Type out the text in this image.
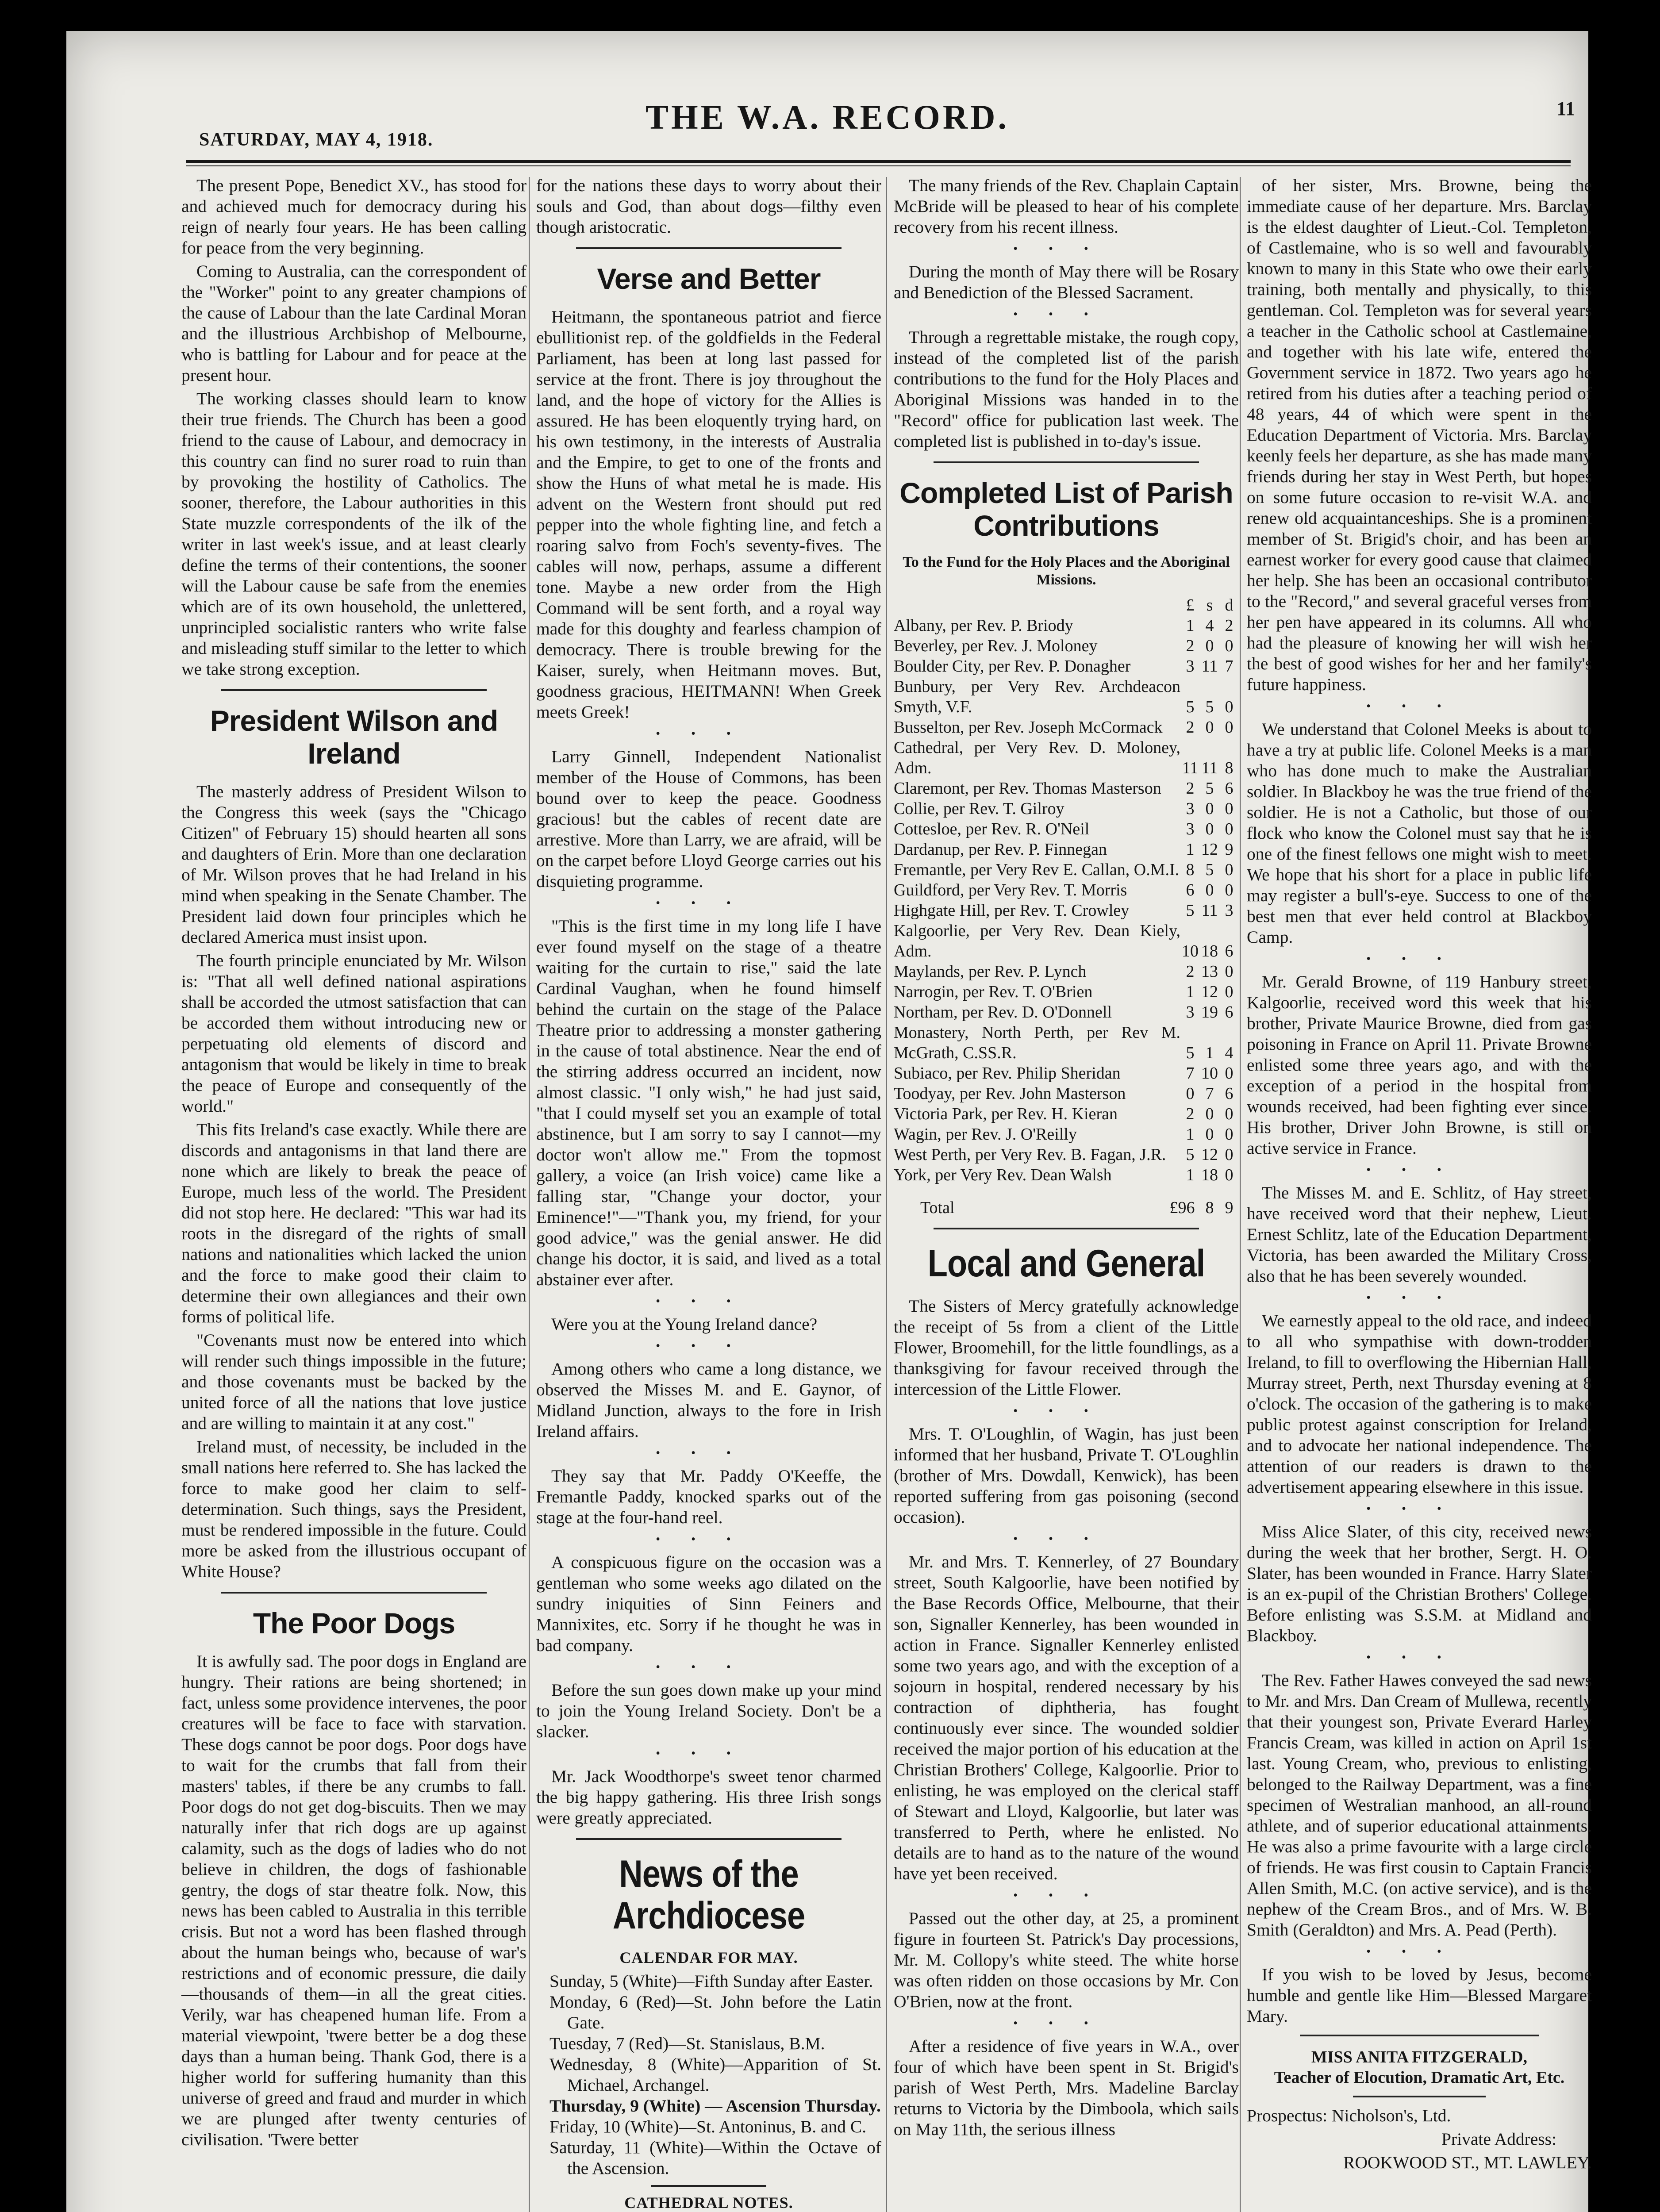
THE W.A. RECORD.
SATURDAY, MAY 4, 1918.
11

The present Pope, Benedict XV., has stood for and achieved much for democracy during his reign of nearly four years. He has been calling for peace from the very beginning.

Coming to Australia, can the correspondent of the "Worker" point to any greater champions of the cause of Labour than the late Cardinal Moran and the illustrious Archbishop of Melbourne, who is battling for Labour and for peace at the present hour.

The working classes should learn to know their true friends. The Church has been a good friend to the cause of Labour, and democracy in this country can find no surer road to ruin than by provoking the hostility of Catholics. The sooner, therefore, the Labour authorities in this State muzzle correspondents of the ilk of the writer in last week's issue, and at least clearly define the terms of their contentions, the sooner will the Labour cause be safe from the enemies which are of its own household, the unlettered, unprincipled socialistic ranters who write false and misleading stuff similar to the letter to which we take strong exception.

President Wilson and Ireland

The masterly address of President Wilson to the Congress this week (says the "Chicago Citizen" of February 15) should hearten all sons and daughters of Erin. More than one declaration of Mr. Wilson proves that he had Ireland in his mind when speaking in the Senate Chamber. The President laid down four principles which he declared America must insist upon.

The fourth principle enunciated by Mr. Wilson is: "That all well defined national aspirations shall be accorded the utmost satisfaction that can be accorded them without introducing new or perpetuating old elements of discord and antagonism that would be likely in time to break the peace of Europe and consequently of the world."

This fits Ireland's case exactly. While there are discords and antagonisms in that land there are none which are likely to break the peace of Europe, much less of the world. The President did not stop here. He declared: "This war had its roots in the disregard of the rights of small nations and nationalities which lacked the union and the force to make good their claim to determine their own allegiances and their own forms of political life.

"Covenants must now be entered into which will render such things impossible in the future; and those covenants must be backed by the united force of all the nations that love justice and are willing to maintain it at any cost."

Ireland must, of necessity, be included in the small nations here referred to. She has lacked the force to make good her claim to self-determination. Such things, says the President, must be rendered impossible in the future. Could more be asked from the illustrious occupant of White House?

The Poor Dogs

It is awfully sad. The poor dogs in England are hungry. Their rations are being shortened; in fact, unless some providence intervenes, the poor creatures will be face to face with starvation. These dogs cannot be poor dogs. Poor dogs have to wait for the crumbs that fall from their masters' tables, if there be any crumbs to fall. Poor dogs do not get dog-biscuits. Then we may naturally infer that rich dogs are up against calamity, such as the dogs of ladies who do not believe in children, the dogs of fashionable gentry, the dogs of star theatre folk. Now, this news has been cabled to Australia in this terrible crisis. But not a word has been flashed through about the human beings who, because of war's restrictions and of economic pressure, die daily—thousands of them—in all the great cities. Verily, war has cheapened human life. From a material viewpoint, 'twere better be a dog these days than a human being. Thank God, there is a higher world for suffering humanity than this universe of greed and fraud and murder in which we are plunged after twenty centuries of civilisation. 'Twere better

for the nations these days to worry about their souls and God, than about dogs—filthy even though aristocratic.

Verse and Better

Heitmann, the spontaneous patriot and fierce ebullitionist rep. of the goldfields in the Federal Parliament, has been at long last passed for service at the front. There is joy throughout the land, and the hope of victory for the Allies is assured. He has been eloquently trying hard, on his own testimony, in the interests of Australia and the Empire, to get to one of the fronts and show the Huns of what metal he is made. His advent on the Western front should put red pepper into the whole fighting line, and fetch a roaring salvo from Foch's seventy-fives. The cables will now, perhaps, assume a different tone. Maybe a new order from the High Command will be sent forth, and a royal way made for this doughty and fearless champion of democracy. There is trouble brewing for the Kaiser, surely, when Heitmann moves. But, goodness gracious, HEITMANN! When Greek meets Greek!

•••

Larry Ginnell, Independent Nationalist member of the House of Commons, has been bound over to keep the peace. Goodness gracious! but the cables of recent date are arrestive. More than Larry, we are afraid, will be on the carpet before Lloyd George carries out his disquieting programme.

•••

"This is the first time in my long life I have ever found myself on the stage of a theatre waiting for the curtain to rise," said the late Cardinal Vaughan, when he found himself behind the curtain on the stage of the Palace Theatre prior to addressing a monster gathering in the cause of total abstinence. Near the end of the stirring address occurred an incident, now almost classic. "I only wish," he had just said, "that I could myself set you an example of total abstinence, but I am sorry to say I cannot—my doctor won't allow me." From the topmost gallery, a voice (an Irish voice) came like a falling star, "Change your doctor, your Eminence!"—"Thank you, my friend, for your good advice," was the genial answer. He did change his doctor, it is said, and lived as a total abstainer ever after.

•••

Were you at the Young Ireland dance?

•••

Among others who came a long distance, we observed the Misses M. and E. Gaynor, of Midland Junction, always to the fore in Irish Ireland affairs.

•••

They say that Mr. Paddy O'Keeffe, the Fremantle Paddy, knocked sparks out of the stage at the four-hand reel.

•••

A conspicuous figure on the occasion was a gentleman who some weeks ago dilated on the sundry iniquities of Sinn Feiners and Mannixites, etc. Sorry if he thought he was in bad company.

•••

Before the sun goes down make up your mind to join the Young Ireland Society. Don't be a slacker.

•••

Mr. Jack Woodthorpe's sweet tenor charmed the big happy gathering. His three Irish songs were greatly appreciated.

News of the Archdiocese
CALENDAR FOR MAY.
Sunday, 5 (White)—Fifth Sunday after Easter.
Monday, 6 (Red)—St. John before the Latin Gate.
Tuesday, 7 (Red)—St. Stanislaus, B.M.
Wednesday, 8 (White)—Apparition of St. Michael, Archangel.
Thursday, 9 (White) — Ascension Thursday.
Friday, 10 (White)—St. Antoninus, B. and C.
Saturday, 11 (White)—Within the Octave of the Ascension.
CATHEDRAL NOTES.

The many friends of the Rev. Chaplain Captain McBride will be pleased to hear of his complete recovery from his recent illness.

•••

During the month of May there will be Rosary and Benediction of the Blessed Sacrament.

•••

Through a regrettable mistake, the rough copy, instead of the completed list of the parish contributions to the fund for the Holy Places and Aboriginal Missions was handed in to the "Record" office for publication last week. The completed list is published in to-day's issue.

Completed List of Parish Contributions
To the Fund for the Holy Places and the Aboriginal Missions.
	£	s	d
Albany, per Rev. P. Briody	1	4	2
Beverley, per Rev. J. Moloney	2	0	0
Boulder City, per Rev. P. Donagher	3	11	7
Bunbury, per Very Rev. Archdeacon Smyth, V.F.	5	5	0
Busselton, per Rev. Joseph McCormack	2	0	0
Cathedral, per Very Rev. D. Moloney, Adm.	11	11	8
Claremont, per Rev. Thomas Masterson	2	5	6
Collie, per Rev. T. Gilroy	3	0	0
Cottesloe, per Rev. R. O'Neil	3	0	0
Dardanup, per Rev. P. Finnegan	1	12	9
Fremantle, per Very Rev E. Callan, O.M.I.	8	5	0
Guildford, per Very Rev. T. Morris	6	0	0
Highgate Hill, per Rev. T. Crowley	5	11	3
Kalgoorlie, per Very Rev. Dean Kiely, Adm.	10	18	6
Maylands, per Rev. P. Lynch	2	13	0
Narrogin, per Rev. T. O'Brien	1	12	0
Northam, per Rev. D. O'Donnell	3	19	6
Monastery, North Perth, per Rev M. McGrath, C.SS.R.	5	1	4
Subiaco, per Rev. Philip Sheridan	7	10	0
Toodyay, per Rev. John Masterson	0	7	6
Victoria Park, per Rev. H. Kieran	2	0	0
Wagin, per Rev. J. O'Reilly	1	0	0
West Perth, per Very Rev. B. Fagan, J.R.	5	12	0
York, per Very Rev. Dean Walsh	1	18	0
Total	£96	8	9
Local and General

The Sisters of Mercy gratefully acknowledge the receipt of 5s from a client of the Little Flower, Broomehill, for the little foundlings, as a thanksgiving for favour received through the intercession of the Little Flower.

•••

Mrs. T. O'Loughlin, of Wagin, has just been informed that her husband, Private T. O'Loughlin (brother of Mrs. Dowdall, Kenwick), has been reported suffering from gas poisoning (second occasion).

•••

Mr. and Mrs. T. Kennerley, of 27 Boundary street, South Kalgoorlie, have been notified by the Base Records Office, Melbourne, that their son, Signaller Kennerley, has been wounded in action in France. Signaller Kennerley enlisted some two years ago, and with the exception of a sojourn in hospital, rendered necessary by his contraction of diphtheria, has fought continuously ever since. The wounded soldier received the major portion of his education at the Christian Brothers' College, Kalgoorlie. Prior to enlisting, he was employed on the clerical staff of Stewart and Lloyd, Kalgoorlie, but later was transferred to Perth, where he enlisted. No details are to hand as to the nature of the wound have yet been received.

•••

Passed out the other day, at 25, a prominent figure in fourteen St. Patrick's Day processions, Mr. M. Collopy's white steed. The white horse was often ridden on those occasions by Mr. Con O'Brien, now at the front.

•••

After a residence of five years in W.A., over four of which have been spent in St. Brigid's parish of West Perth, Mrs. Madeline Barclay returns to Victoria by the Dimboola, which sails on May 11th, the serious illness

of her sister, Mrs. Browne, being the immediate cause of her departure. Mrs. Barclay is the eldest daughter of Lieut.-Col. Templeton, of Castlemaine, who is so well and favourably known to many in this State who owe their early training, both mentally and physically, to this gentleman. Col. Templeton was for several years a teacher in the Catholic school at Castlemaine, and together with his late wife, entered the Government service in 1872. Two years ago he retired from his duties after a teaching period of 48 years, 44 of which were spent in the Education Department of Victoria. Mrs. Barclay keenly feels her departure, as she has made many friends during her stay in West Perth, but hopes on some future occasion to re-visit W.A. and renew old acquaintanceships. She is a prominent member of St. Brigid's choir, and has been an earnest worker for every good cause that claimed her help. She has been an occasional contributor to the "Record," and several graceful verses from her pen have appeared in its columns. All who had the pleasure of knowing her will wish her the best of good wishes for her and her family's future happiness.

•••

We understand that Colonel Meeks is about to have a try at public life. Colonel Meeks is a man who has done much to make the Australian soldier. In Blackboy he was the true friend of the soldier. He is not a Catholic, but those of our flock who know the Colonel must say that he is one of the finest fellows one might wish to meet. We hope that his short for a place in public life may register a bull's-eye. Success to one of the best men that ever held control at Blackboy Camp.

•••

Mr. Gerald Browne, of 119 Hanbury street, Kalgoorlie, received word this week that his brother, Private Maurice Browne, died from gas poisoning in France on April 11. Private Browne enlisted some three years ago, and with the exception of a period in the hospital from wounds received, had been fighting ever since. His brother, Driver John Browne, is still on active service in France.

•••

The Misses M. and E. Schlitz, of Hay street, have received word that their nephew, Lieut. Ernest Schlitz, late of the Education Department, Victoria, has been awarded the Military Cross, also that he has been severely wounded.

•••

We earnestly appeal to the old race, and indeed to all who sympathise with down-trodden Ireland, to fill to overflowing the Hibernian Hall, Murray street, Perth, next Thursday evening at 8 o'clock. The occasion of the gathering is to make public protest against conscription for Ireland, and to advocate her national independence. The attention of our readers is drawn to the advertisement appearing elsewhere in this issue.

•••

Miss Alice Slater, of this city, received news during the week that her brother, Sergt. H. O. Slater, has been wounded in France. Harry Slater is an ex-pupil of the Christian Brothers' College. Before enlisting was S.S.M. at Midland and Blackboy.

•••

The Rev. Father Hawes conveyed the sad news to Mr. and Mrs. Dan Cream of Mullewa, recently that their youngest son, Private Everard Harley Francis Cream, was killed in action on April 1st last. Young Cream, who, previous to enlisting, belonged to the Railway Department, was a fine specimen of Westralian manhood, an all-round athlete, and of superior educational attainments. He was also a prime favourite with a large circle of friends. He was first cousin to Captain Francis Allen Smith, M.C. (on active service), and is the nephew of the Cream Bros., and of Mrs. W. B. Smith (Geraldton) and Mrs. A. Pead (Perth).

•••

If you wish to be loved by Jesus, become humble and gentle like Him—Blessed Margaret Mary.

MISS ANITA FITZGERALD,
Teacher of Elocution, Dramatic Art, Etc.

Prospectus: Nicholson's, Ltd.

Private Address:

ROOKWOOD ST., MT. LAWLEY.
